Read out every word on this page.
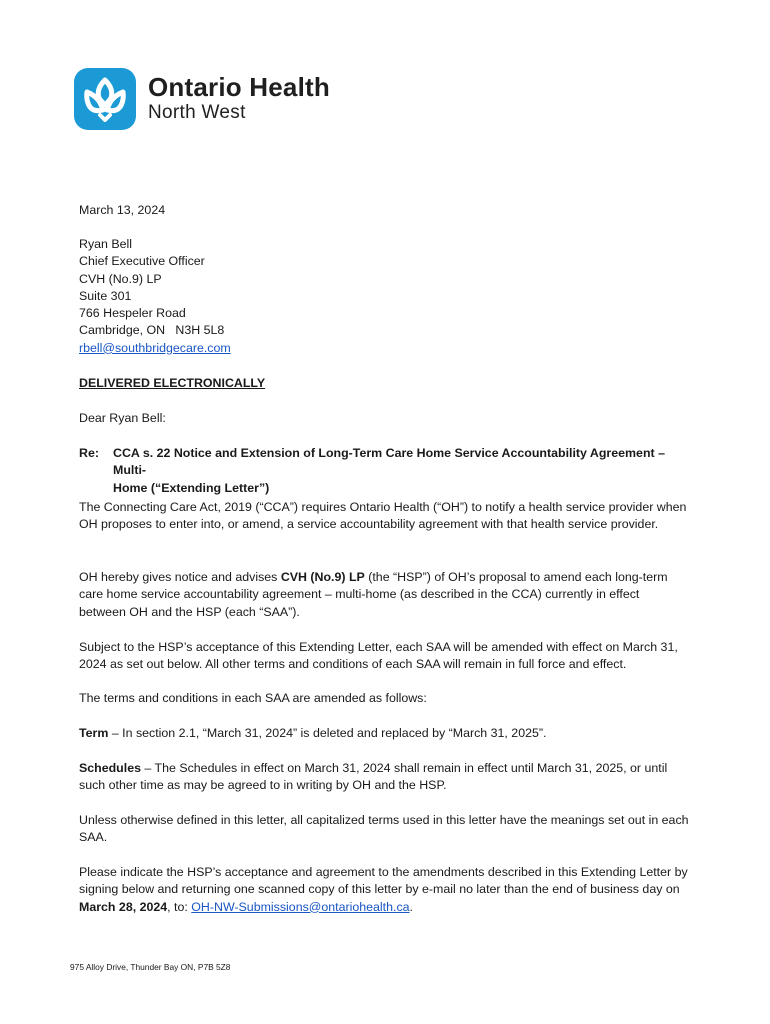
Ontario Health
North West

March 13, 2024

Ryan Bell

Chief Executive Officer

CVH (No.9) LP

Suite 301

766 Hespeler Road

Cambridge, ON   N3H 5L8

rbell@southbridgecare.com

DELIVERED ELECTRONICALLY

Dear Ryan Bell:

Re:	CCA s. 22 Notice and Extension of Long-Term Care Home Service Accountability Agreement – Multi-
Home (“Extending Letter”)

The Connecting Care Act, 2019 (“CCA”) requires Ontario Health (“OH”) to notify a health service provider when OH proposes to enter into, or amend, a service accountability agreement with that health service provider.

OH hereby gives notice and advises CVH (No.9) LP (the “HSP”) of OH’s proposal to amend each long-term care home service accountability agreement – multi-home (as described in the CCA) currently in effect between OH and the HSP (each “SAA”).

Subject to the HSP’s acceptance of this Extending Letter, each SAA will be amended with effect on March 31, 2024 as set out below. All other terms and conditions of each SAA will remain in full force and effect.

The terms and conditions in each SAA are amended as follows:

Term – In section 2.1, “March 31, 2024” is deleted and replaced by “March 31, 2025”.

Schedules – The Schedules in effect on March 31, 2024 shall remain in effect until March 31, 2025, or until such other time as may be agreed to in writing by OH and the HSP.

Unless otherwise defined in this letter, all capitalized terms used in this letter have the meanings set out in each SAA.

Please indicate the HSP’s acceptance and agreement to the amendments described in this Extending Letter by signing below and returning one scanned copy of this letter by e-mail no later than the end of business day on March 28, 2024, to: OH-NW-Submissions@ontariohealth.ca.

975 Alloy Drive, Thunder Bay ON, P7B 5Z8
